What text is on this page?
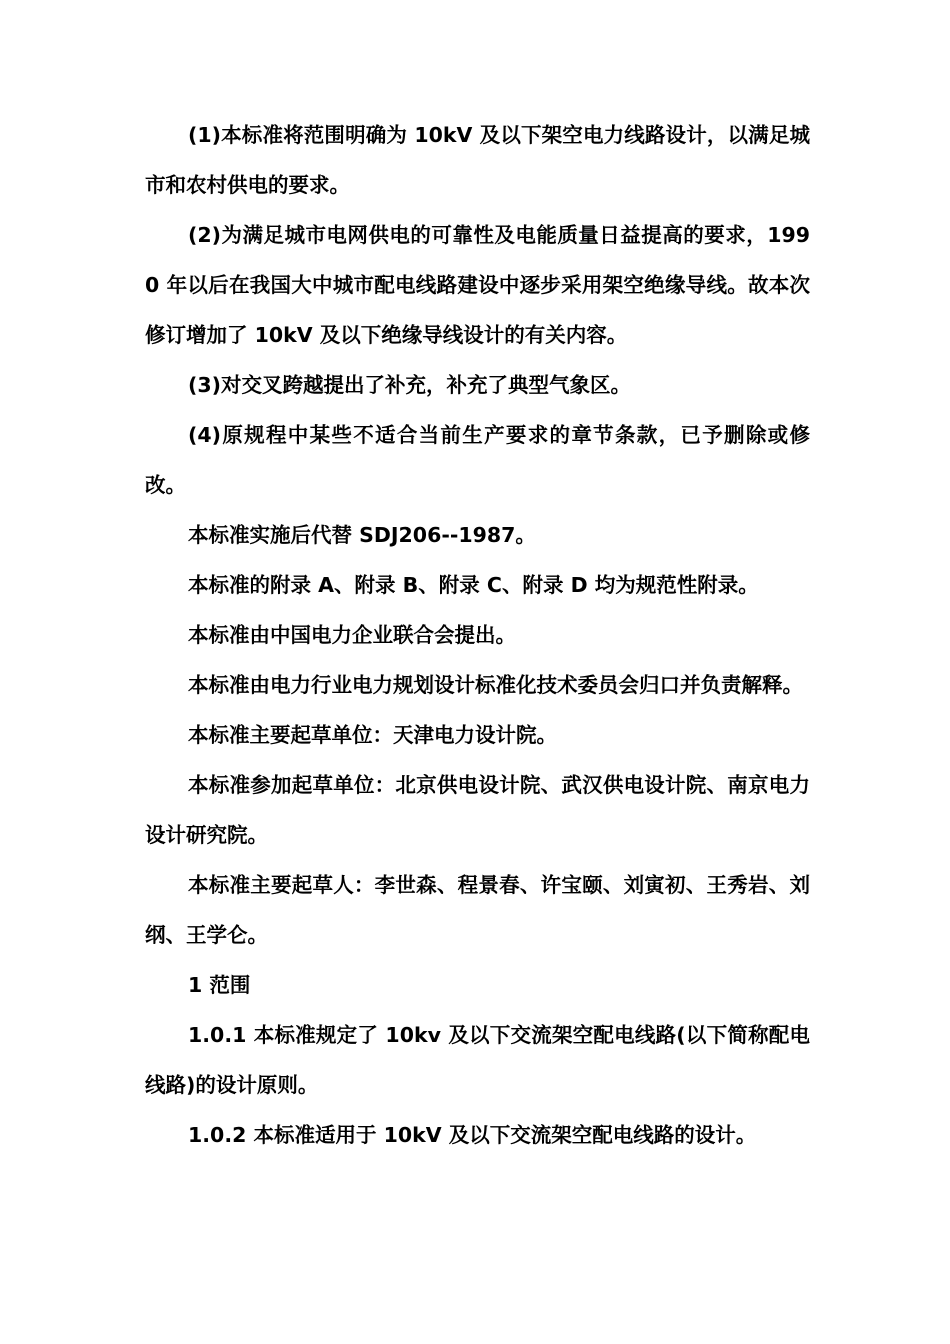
(1)本标准将范围明确为 10kV 及以下架空电力线路设计，以满足城市和农村供电的要求。

(2)为满足城市电网供电的可靠性及电能质量日益提高的要求，1990 年以后在我国大中城市配电线路建设中逐步采用架空绝缘导线。故本次修订增加了 10kV 及以下绝缘导线设计的有关内容。

(3)对交叉跨越提出了补充，补充了典型气象区。

(4)原规程中某些不适合当前生产要求的章节条款，已予删除或修改。

本标准实施后代替 SDJ206--1987。

本标准的附录 A、附录 B、附录 C、附录 D 均为规范性附录。

本标准由中国电力企业联合会提出。

本标准由电力行业电力规划设计标准化技术委员会归口并负责解释。

本标准主要起草单位：天津电力设计院。

本标准参加起草单位：北京供电设计院、武汉供电设计院、南京电力设计研究院。

本标准主要起草人：李世森、程景春、许宝颐、刘寅初、王秀岩、刘纲、王学仑。

1 范围

1.0.1 本标准规定了 10kv 及以下交流架空配电线路(以下简称配电线路)的设计原则。

1.0.2 本标准适用于 10kV 及以下交流架空配电线路的设计。
